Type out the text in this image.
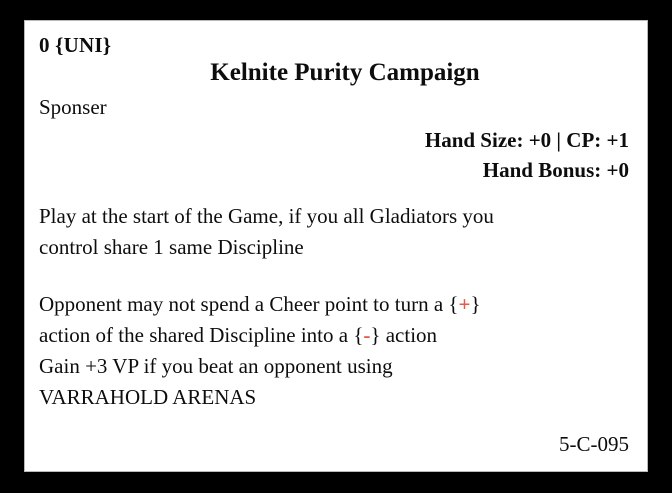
0 {UNI}
Kelnite Purity Campaign
Sponser
Hand Size: +0 | CP: +1
Hand Bonus: +0

Play at the start of the Game, if you all Gladiators you
control share 1 same Discipline

Opponent may not spend a Cheer point to turn a {+}
action of the shared Discipline into a {-} action
Gain +3 VP if you beat an opponent using
VARRAHOLD ARENAS

5-C-095
